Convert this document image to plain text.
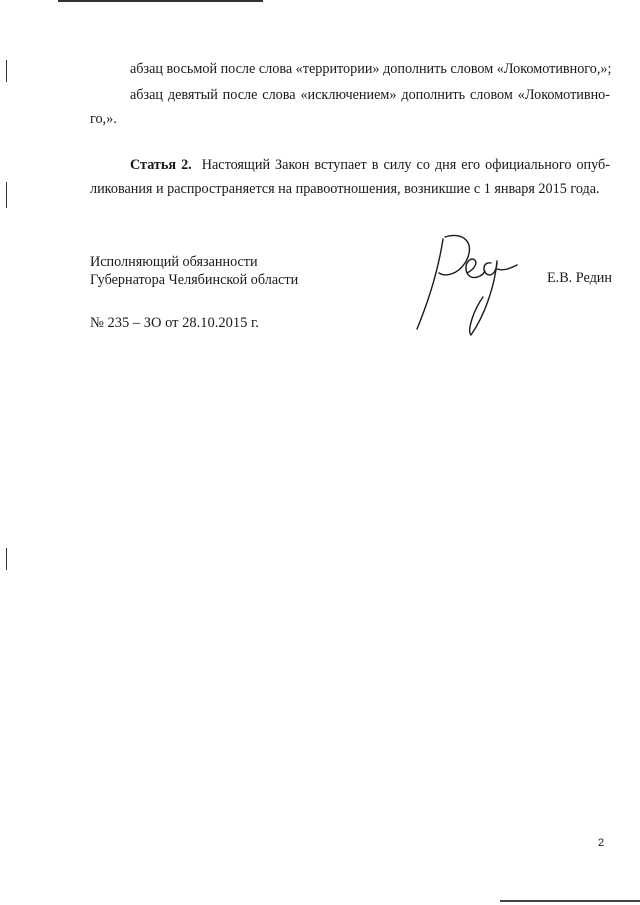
абзац восьмой после слова «территории» дополнить словом «Локомотивного,»;
абзац девятый после слова «исключением» дополнить словом «Локомотивно-
го,».
Статья 2. Настоящий Закон вступает в силу со дня его официального опуб-
ликования и распространяется на правоотношения, возникшие с 1 января 2015 года.
Исполняющий обязанности
Губернатора Челябинской области	Е.В. Редин
№ 235 – ЗО от 28.10.2015 г.
2
